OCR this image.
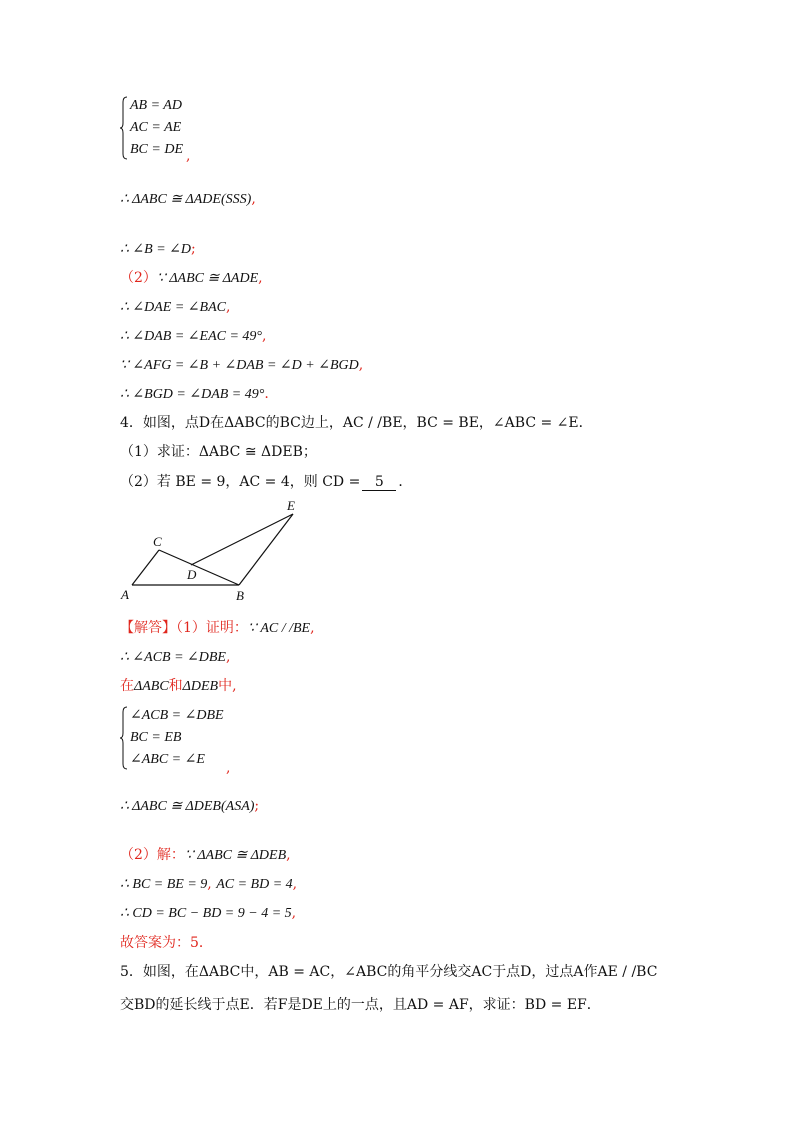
AB = AD
AC = AE
BC = DE ,
∴ ΔABC ≅ ΔADE(SSS),
∴ ∠B = ∠D;
（2）∵ ΔABC ≅ ΔADE,
∴ ∠DAE = ∠BAC,
∴ ∠DAB = ∠EAC = 49°,
∵ ∠AFG = ∠B + ∠DAB = ∠D + ∠BGD,
∴ ∠BGD = ∠DAB = 49°.
4．如图，点D在ΔABC的BC边上，AC / /BE，BC = BE，∠ABC = ∠E．
（1）求证：ΔABC ≅ ΔDEB；
（2）若 BE = 9，AC = 4，则 CD = 5 ．
A	B
C
D
E
【解答】（1）证明：∵ AC / /BE,
∴ ∠ACB = ∠DBE,
在ΔABC和ΔDEB中,
∠ACB = ∠DBE
BC = EB
∠ABC = ∠E
,
∴ ΔABC ≅ ΔDEB(ASA);
（2）解：∵ ΔABC ≅ ΔDEB,
∴ BC = BE = 9, AC = BD = 4,
∴ CD = BC − BD = 9 − 4 = 5,
故答案为：5．
5．如图，在ΔABC中，AB = AC，∠ABC的角平分线交AC于点D，过点A作AE / /BC
交BD的延长线于点E．若F是DE上的一点，且AD = AF，求证：BD = EF．
